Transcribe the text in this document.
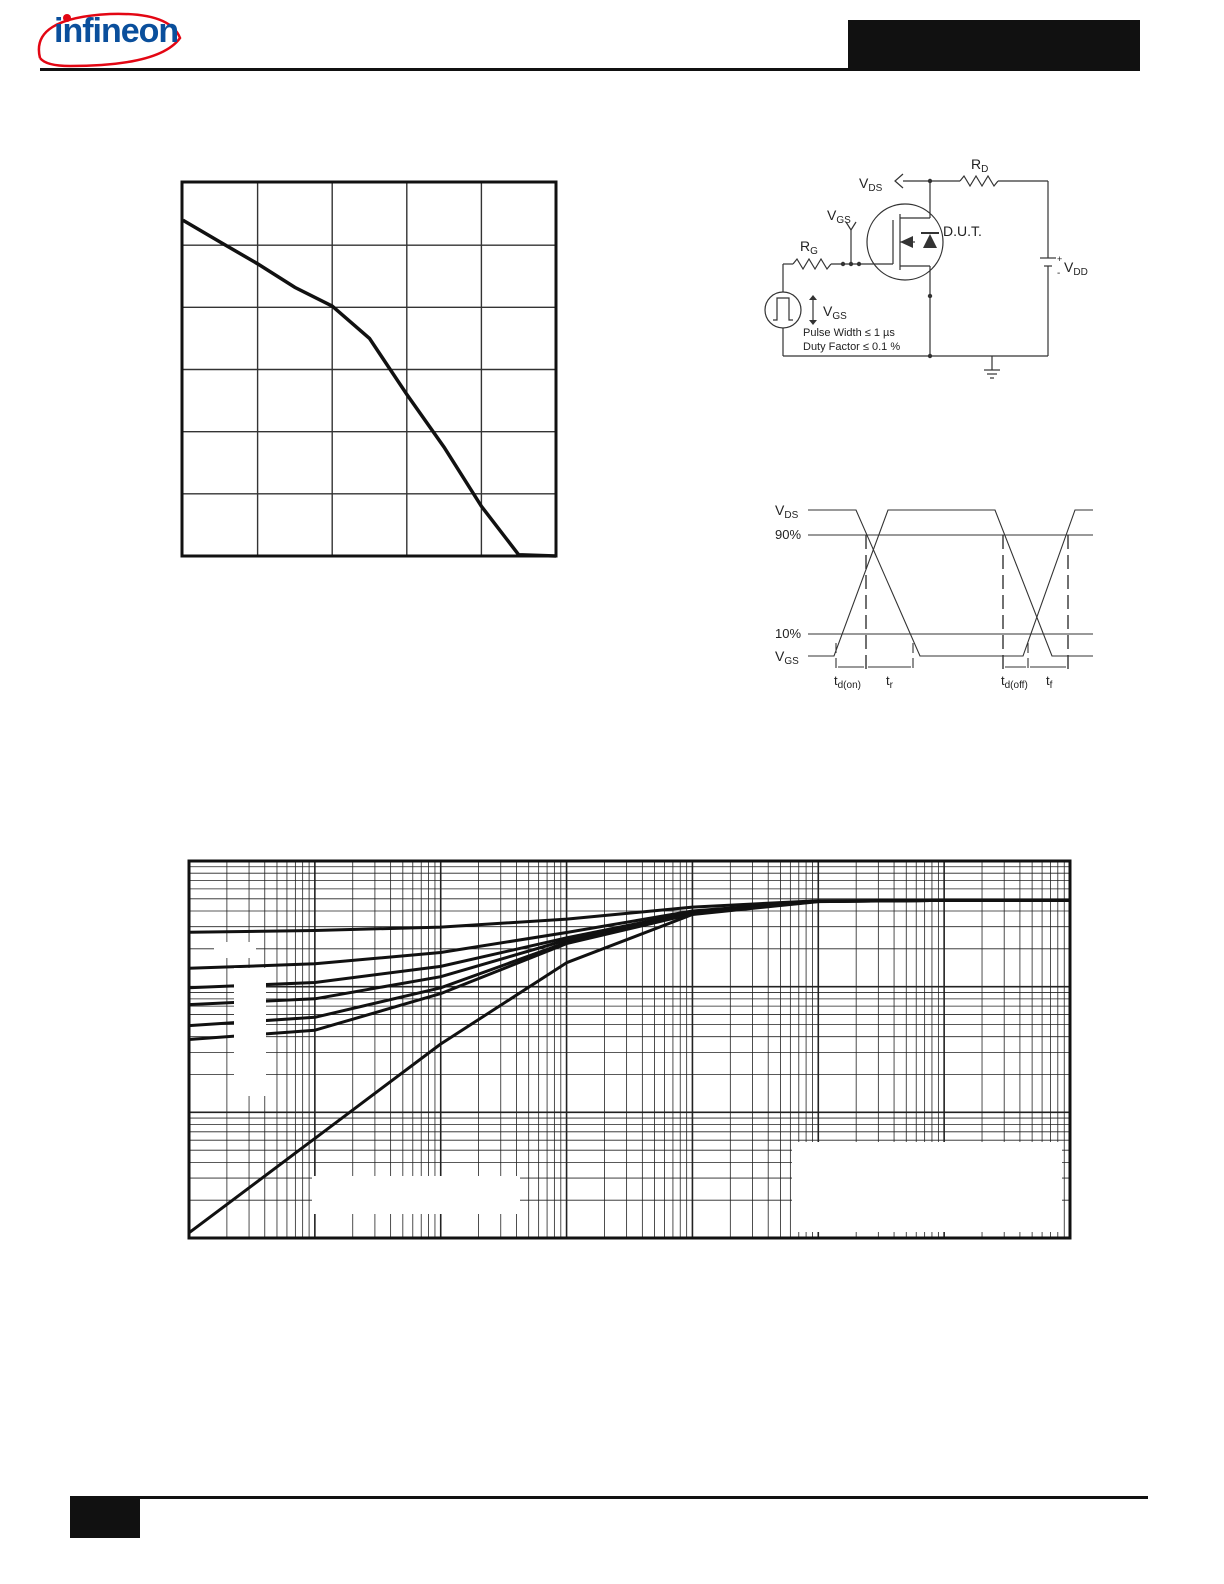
infineon
$V_{DS}$
$R_D$
$V_{GS}$
D.U.T.
$R_G$
+
- $V_{DD}$
$V_{GS}$
Pulse Width ≤ 1 µs
Duty Factor ≤ 0.1 %
$V_{DS}$
90%
10%
$V_{GS}$
$t_{d(on)}$ $t_r$	$t_{d(off)}$ $t_f$
